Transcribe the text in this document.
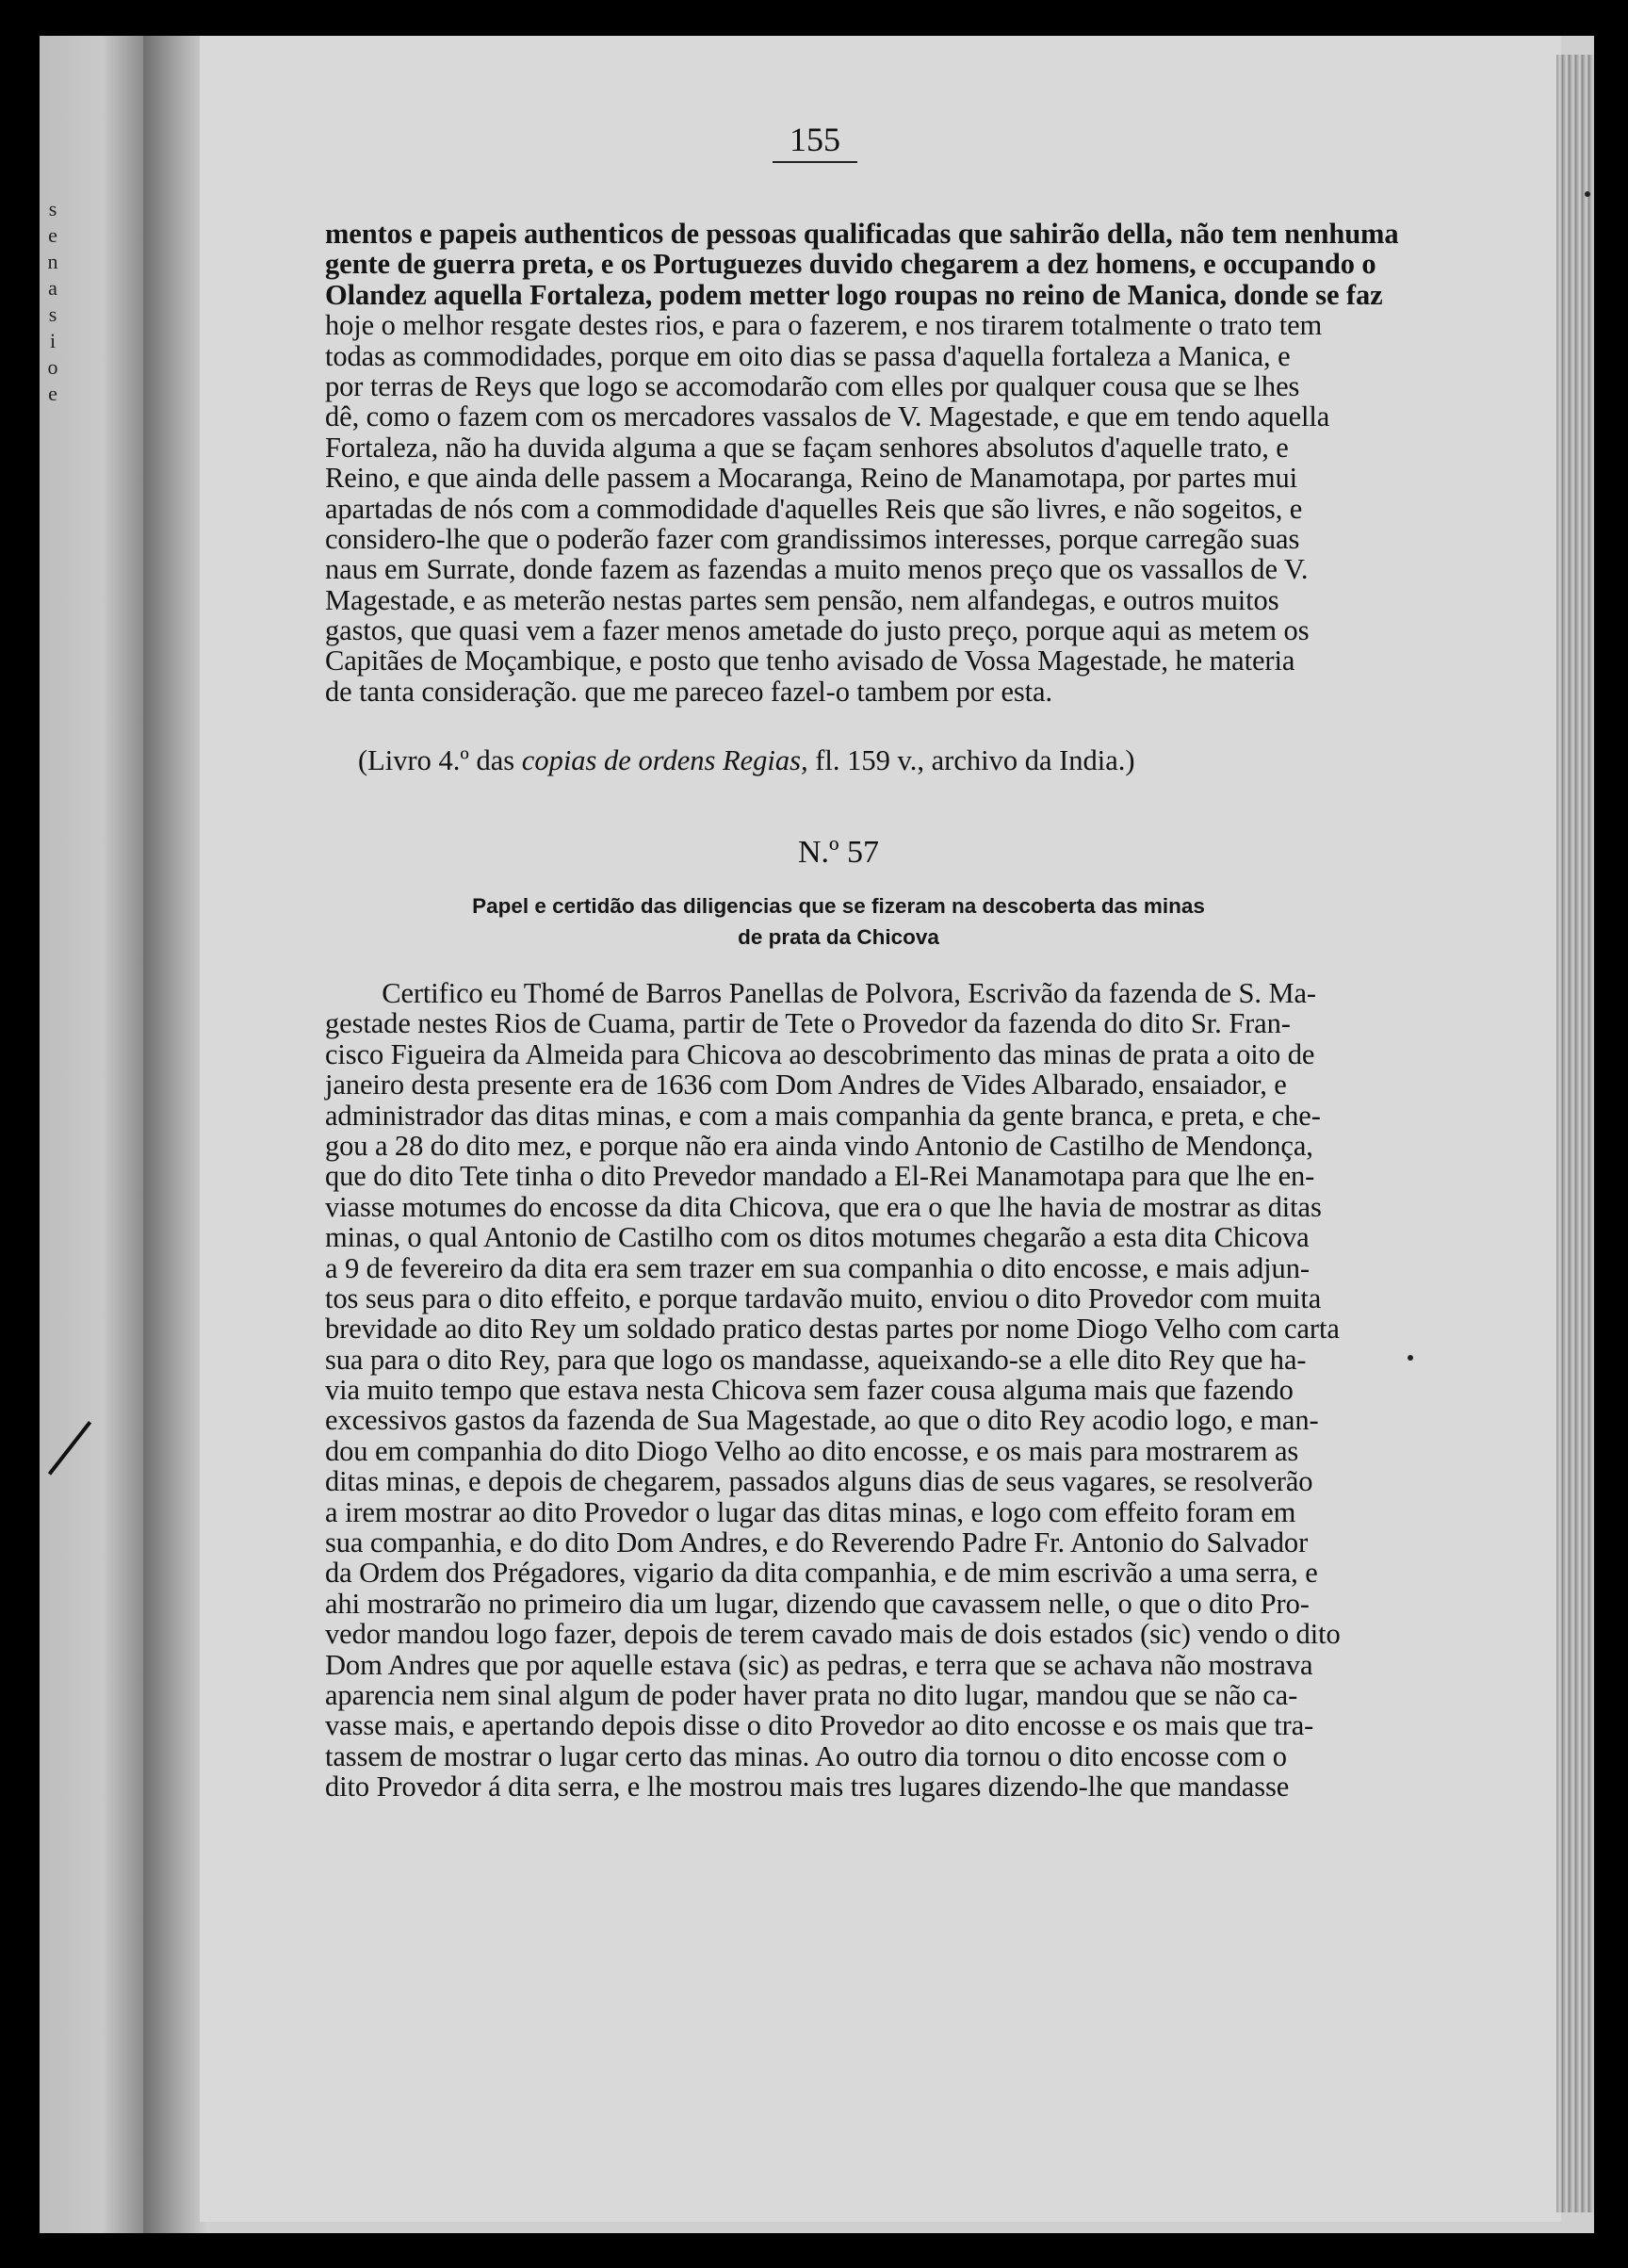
s
e
n
a
s
i
o
e
155
mentos e papeis authenticos de pessoas qualificadas que sahirão della, não tem nenhuma
gente de guerra preta, e os Portuguezes duvido chegarem a dez homens, e occupando o
Olandez aquella Fortaleza, podem metter logo roupas no reino de Manica, donde se faz
hoje o melhor resgate destes rios, e para o fazerem, e nos tirarem totalmente o trato tem
todas as commodidades, porque em oito dias se passa d'aquella fortaleza a Manica, e
por terras de Reys que logo se accomodarão com elles por qualquer cousa que se lhes
dê, como o fazem com os mercadores vassalos de V. Magestade, e que em tendo aquella
Fortaleza, não ha duvida alguma a que se façam senhores absolutos d'aquelle trato, e
Reino, e que ainda delle passem a Mocaranga, Reino de Manamotapa, por partes mui
apartadas de nós com a commodidade d'aquelles Reis que são livres, e não sogeitos, e
considero-lhe que o poderão fazer com grandissimos interesses, porque carregão suas
naus em Surrate, donde fazem as fazendas a muito menos preço que os vassallos de V.
Magestade, e as meterão nestas partes sem pensão, nem alfandegas, e outros muitos
gastos, que quasi vem a fazer menos ametade do justo preço, porque aqui as metem os
Capitães de Moçambique, e posto que tenho avisado de Vossa Magestade, he materia
de tanta consideração. que me pareceo fazel-o tambem por esta.
(Livro 4.º das copias de ordens Regias, fl. 159 v., archivo da India.)
N.º 57
Papel e certidão das diligencias que se fizeram na descoberta das minas
de prata da Chicova
Certifico eu Thomé de Barros Panellas de Polvora, Escrivão da fazenda de S. Ma-
gestade nestes Rios de Cuama, partir de Tete o Provedor da fazenda do dito Sr. Fran-
cisco Figueira da Almeida para Chicova ao descobrimento das minas de prata a oito de
janeiro desta presente era de 1636 com Dom Andres de Vides Albarado, ensaiador, e
administrador das ditas minas, e com a mais companhia da gente branca, e preta, e che-
gou a 28 do dito mez, e porque não era ainda vindo Antonio de Castilho de Mendonça,
que do dito Tete tinha o dito Prevedor mandado a El-Rei Manamotapa para que lhe en-
viasse motumes do encosse da dita Chicova, que era o que lhe havia de mostrar as ditas
minas, o qual Antonio de Castilho com os ditos motumes chegarão a esta dita Chicova
a 9 de fevereiro da dita era sem trazer em sua companhia o dito encosse, e mais adjun-
tos seus para o dito effeito, e porque tardavão muito, enviou o dito Provedor com muita
brevidade ao dito Rey um soldado pratico destas partes por nome Diogo Velho com carta
sua para o dito Rey, para que logo os mandasse, aqueixando-se a elle dito Rey que ha-
via muito tempo que estava nesta Chicova sem fazer cousa alguma mais que fazendo
excessivos gastos da fazenda de Sua Magestade, ao que o dito Rey acodio logo, e man-
dou em companhia do dito Diogo Velho ao dito encosse, e os mais para mostrarem as
ditas minas, e depois de chegarem, passados alguns dias de seus vagares, se resolverão
a irem mostrar ao dito Provedor o lugar das ditas minas, e logo com effeito foram em
sua companhia, e do dito Dom Andres, e do Reverendo Padre Fr. Antonio do Salvador
da Ordem dos Prégadores, vigario da dita companhia, e de mim escrivão a uma serra, e
ahi mostrarão no primeiro dia um lugar, dizendo que cavassem nelle, o que o dito Pro-
vedor mandou logo fazer, depois de terem cavado mais de dois estados (sic) vendo o dito
Dom Andres que por aquelle estava (sic) as pedras, e terra que se achava não mostrava
aparencia nem sinal algum de poder haver prata no dito lugar, mandou que se não ca-
vasse mais, e apertando depois disse o dito Provedor ao dito encosse e os mais que tra-
tassem de mostrar o lugar certo das minas. Ao outro dia tornou o dito encosse com o
dito Provedor á dita serra, e lhe mostrou mais tres lugares dizendo-lhe que mandasse
